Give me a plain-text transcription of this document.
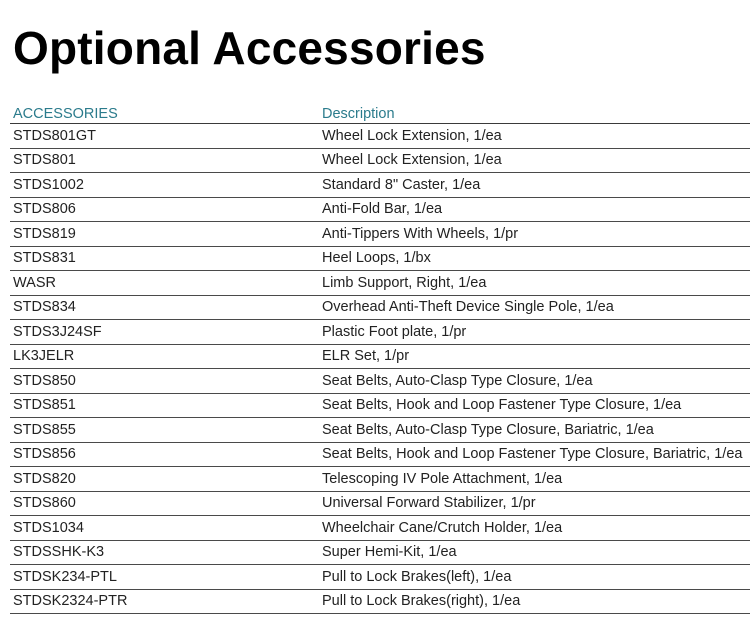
Optional Accessories
ACCESSORIES	Description
STDS801GT	Wheel Lock Extension, 1/ea
STDS801	Wheel Lock Extension, 1/ea
STDS1002	Standard 8" Caster, 1/ea
STDS806	Anti-Fold Bar, 1/ea
STDS819	Anti-Tippers With Wheels, 1/pr
STDS831	Heel Loops, 1/bx
WASR	Limb Support, Right, 1/ea
STDS834	Overhead Anti-Theft Device Single Pole, 1/ea
STDS3J24SF	Plastic Foot plate, 1/pr
LK3JELR	ELR Set, 1/pr
STDS850	Seat Belts, Auto-Clasp Type Closure, 1/ea
STDS851	Seat Belts, Hook and Loop Fastener Type Closure, 1/ea
STDS855	Seat Belts, Auto-Clasp Type Closure, Bariatric, 1/ea
STDS856	Seat Belts, Hook and Loop Fastener Type Closure, Bariatric, 1/ea
STDS820	Telescoping IV Pole Attachment, 1/ea
STDS860	Universal Forward Stabilizer, 1/pr
STDS1034	Wheelchair Cane/Crutch Holder, 1/ea
STDSSHK-K3	Super Hemi-Kit, 1/ea
STDSK234-PTL	Pull to Lock Brakes(left), 1/ea
STDSK2324-PTR	Pull to Lock Brakes(right), 1/ea
